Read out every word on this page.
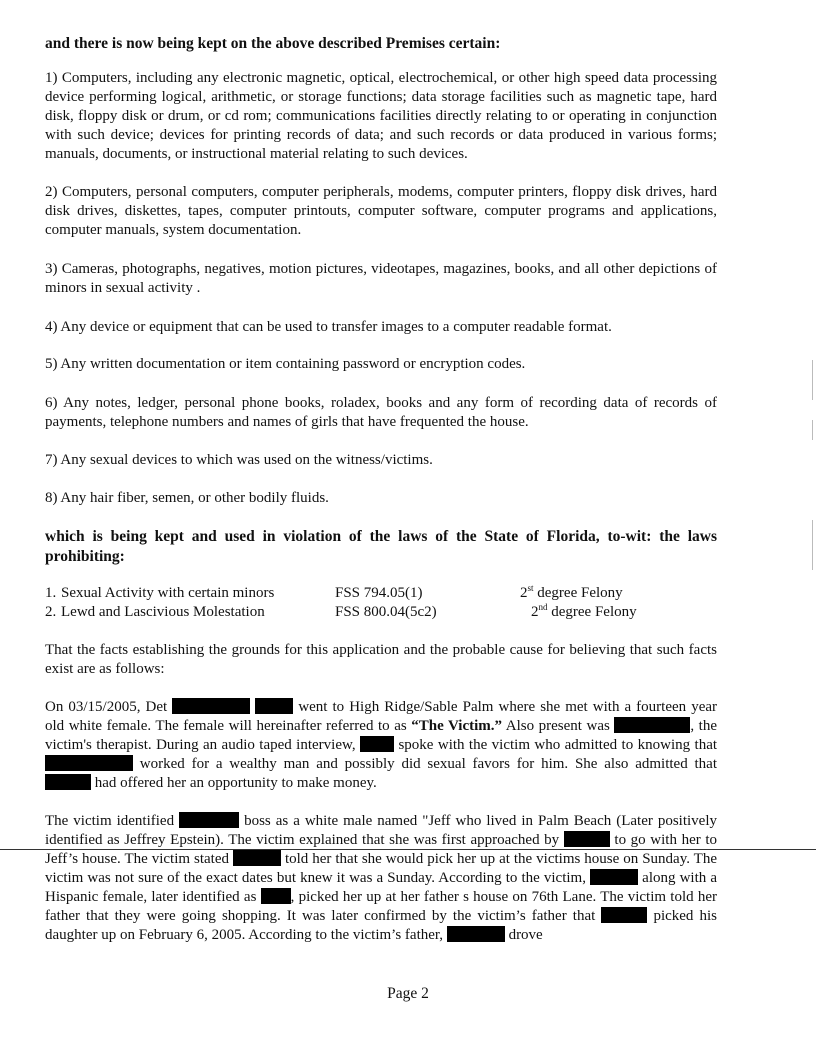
and there is now being kept on the above described Premises certain:
1) Computers, including any electronic magnetic, optical, electrochemical, or other high speed data processing device performing logical, arithmetic, or storage functions; data storage facilities such as magnetic tape, hard disk, floppy disk or drum, or cd rom; communications facilities directly relating to or operating in conjunction with such device; devices for printing records of data; and such records or data produced in various forms; manuals, documents, or instructional material relating to such devices.
2) Computers, personal computers, computer peripherals, modems, computer printers, floppy disk drives, hard disk drives, diskettes, tapes, computer printouts, computer software, computer programs and applications, computer manuals, system documentation.
3) Cameras, photographs, negatives, motion pictures, videotapes, magazines, books, and all other depictions of minors in sexual activity .
4) Any device or equipment that can be used to transfer images to a computer readable format.
5) Any written documentation or item containing password or encryption codes.
6) Any notes, ledger, personal phone books, roladex, books and any form of recording data of records of payments, telephone numbers and names of girls that have frequented the house.
7) Any sexual devices to which was used on the witness/victims.
8) Any hair fiber, semen, or other bodily fluids.
which is being kept and used in violation of the laws of the State of Florida, to-wit: the laws prohibiting:
1. Sexual Activity with certain minors	FSS 794.05(1)	2st degree Felony
2. Lewd and Lascivious Molestation	FSS 800.04(5c2)	2nd degree Felony
That the facts establishing the grounds for this application and the probable cause for believing that such facts exist are as follows:
On 03/15/2005, Det	went to High Ridge/Sable Palm where she met with a fourteen year old white female. The female will hereinafter referred to as “The Victim.” Also present was	, the victim's therapist. During an audio taped interview,	spoke with the victim who admitted to knowing that  worked for a wealthy man and possibly did sexual favors for him. She also admitted that  had offered her an opportunity to make money.
The victim identified	boss as a white male named "Jeff who lived in Palm Beach (Later positively identified as Jeffrey Epstein). The victim explained that she was first approached by	to go with her to Jeff’s house. The victim stated	told her that she would pick her up at the victims house on Sunday. The victim was not sure of the exact dates but knew it was a Sunday. According to the victim,	along with a Hispanic female, later identified as , picked her up at her father s house on 76th Lane. The victim told her father that they were going shopping. It was later confirmed by the victim’s father that	picked his daughter up on February 6, 2005. According to the victim’s father,	drove
Page 2
